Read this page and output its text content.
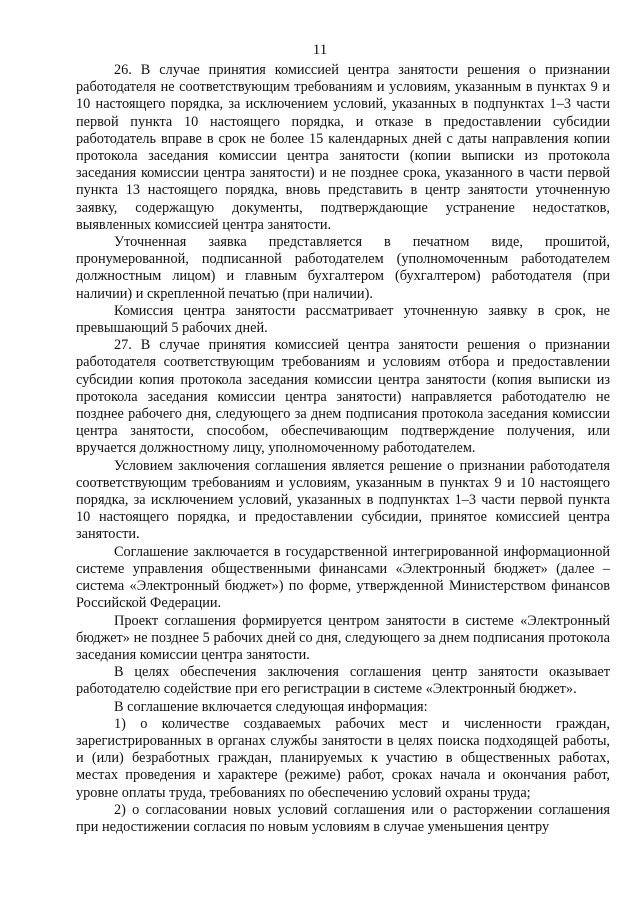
11

26. В случае принятия комиссией центра занятости решения о признании работодателя не соответствующим требованиям и условиям, указанным в пунктах 9 и 10 настоящего порядка, за исключением условий, указанных в подпунктах 1–3 части первой пункта 10 настоящего порядка, и отказе в предоставлении субсидии работодатель вправе в срок не более 15 календарных дней с даты направления копии протокола заседания комиссии центра занятости (копии выписки из протокола заседания комиссии центра занятости) и не позднее срока, указанного в части первой пункта 13 настоящего порядка, вновь представить в центр занятости уточненную заявку, содержащую документы, подтверждающие устранение недостатков, выявленных комиссией центра занятости.

Уточненная заявка представляется в печатном виде, прошитой, пронумерованной, подписанной работодателем (уполномоченным работодателем должностным лицом) и главным бухгалтером (бухгалтером) работодателя (при наличии) и скрепленной печатью (при наличии).

Комиссия центра занятости рассматривает уточненную заявку в срок, не превышающий 5 рабочих дней.

27. В случае принятия комиссией центра занятости решения о признании работодателя соответствующим требованиям и условиям отбора и предоставлении субсидии копия протокола заседания комиссии центра занятости (копия выписки из протокола заседания комиссии центра занятости) направляется работодателю не позднее рабочего дня, следующего за днем подписания протокола заседания комиссии центра занятости, способом, обеспечивающим подтверждение получения, или вручается должностному лицу, уполномоченному работодателем.

Условием заключения соглашения является решение о признании работодателя соответствующим требованиям и условиям, указанным в пунктах 9 и 10 настоящего порядка, за исключением условий, указанных в подпунктах 1–3 части первой пункта 10 настоящего порядка, и предоставлении субсидии, принятое комиссией центра занятости.

Соглашение заключается в государственной интегрированной информационной системе управления общественными финансами «Электронный бюджет» (далее – система «Электронный бюджет») по форме, утвержденной Министерством финансов Российской Федерации.

Проект соглашения формируется центром занятости в системе «Электронный бюджет» не позднее 5 рабочих дней со дня, следующего за днем подписания протокола заседания комиссии центра занятости.

В целях обеспечения заключения соглашения центр занятости оказывает работодателю содействие при его регистрации в системе «Электронный бюджет».

В соглашение включается следующая информация:

1) о количестве создаваемых рабочих мест и численности граждан, зарегистрированных в органах службы занятости в целях поиска подходящей работы, и (или) безработных граждан, планируемых к участию в общественных работах, местах проведения и характере (режиме) работ, сроках начала и окончания работ, уровне оплаты труда, требованиях по обеспечению условий охраны труда;

2) о согласовании новых условий соглашения или о расторжении соглашения при недостижении согласия по новым условиям в случае уменьшения центру
